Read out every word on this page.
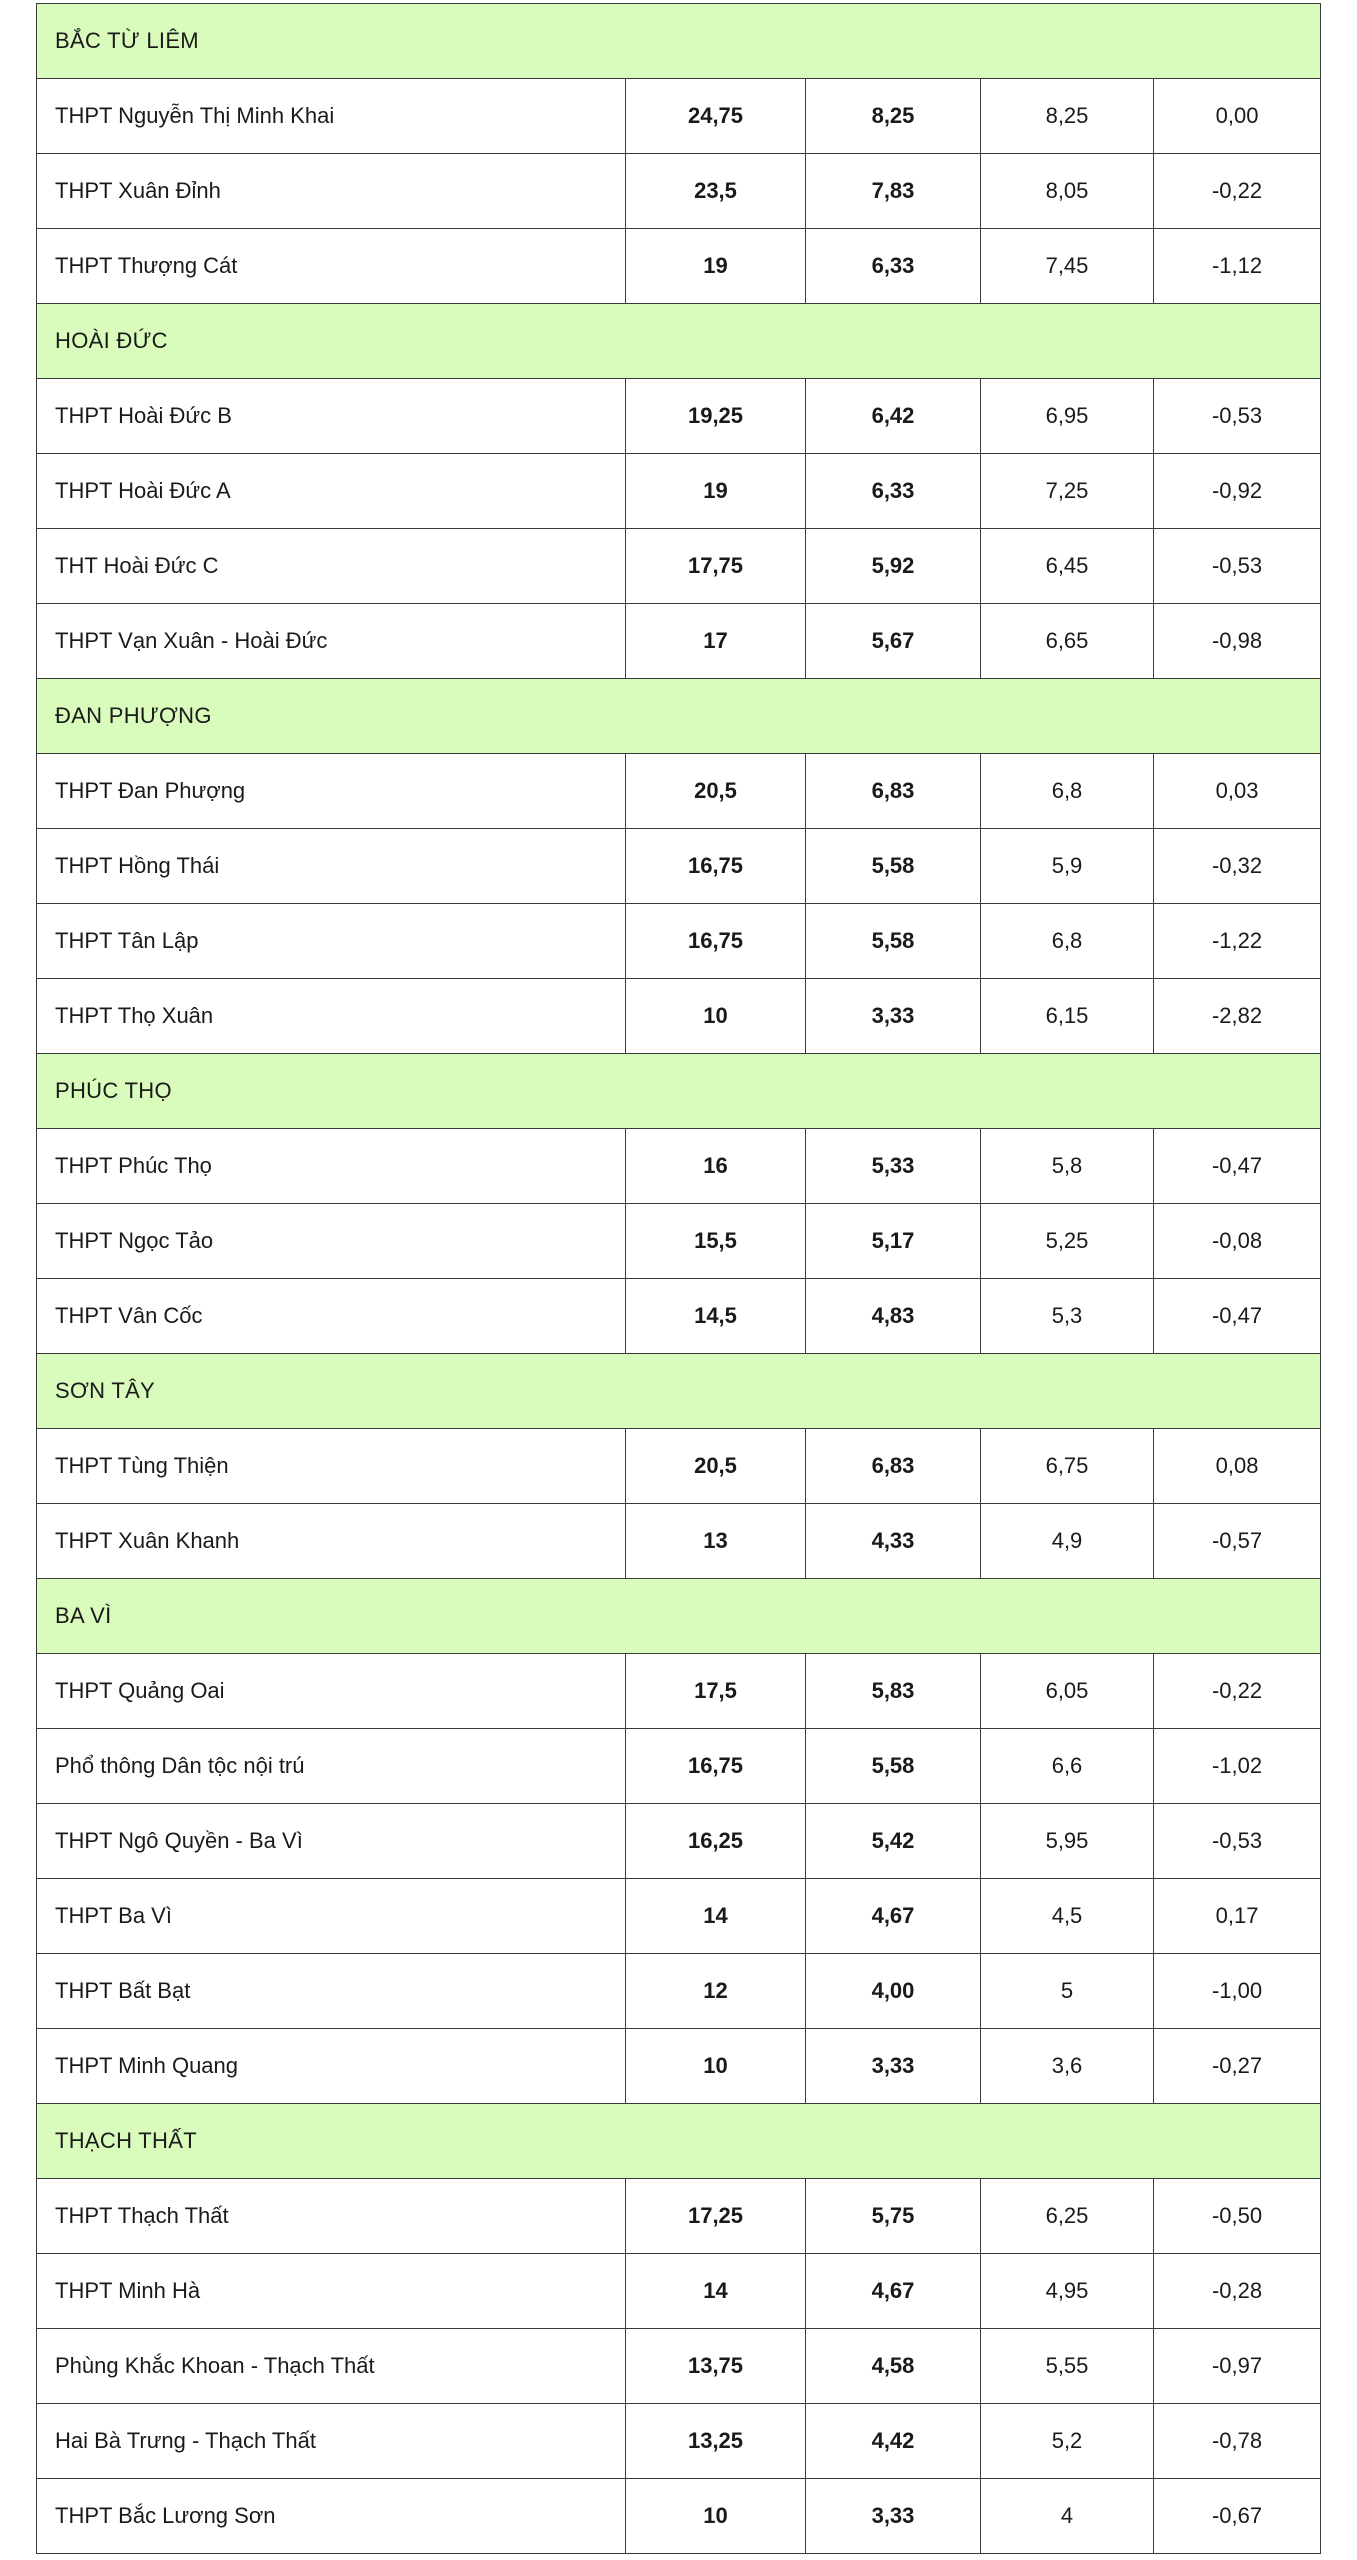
BẮC TỪ LIÊM				
THPT Nguyễn Thị Minh Khai	24,75	8,25	8,25	0,00
THPT Xuân Đỉnh	23,5	7,83	8,05	-0,22
THPT Thượng Cát	19	6,33	7,45	-1,12
HOÀI ĐỨC				
THPT Hoài Đức B	19,25	6,42	6,95	-0,53
THPT Hoài Đức A	19	6,33	7,25	-0,92
THT Hoài Đức C	17,75	5,92	6,45	-0,53
THPT Vạn Xuân - Hoài Đức	17	5,67	6,65	-0,98
ĐAN PHƯỢNG				
THPT Đan Phượng	20,5	6,83	6,8	0,03
THPT Hồng Thái	16,75	5,58	5,9	-0,32
THPT Tân Lập	16,75	5,58	6,8	-1,22
THPT Thọ Xuân	10	3,33	6,15	-2,82
PHÚC THỌ				
THPT Phúc Thọ	16	5,33	5,8	-0,47
THPT Ngọc Tảo	15,5	5,17	5,25	-0,08
THPT Vân Cốc	14,5	4,83	5,3	-0,47
SƠN TÂY				
THPT Tùng Thiện	20,5	6,83	6,75	0,08
THPT Xuân Khanh	13	4,33	4,9	-0,57
BA VÌ				
THPT Quảng Oai	17,5	5,83	6,05	-0,22
Phổ thông Dân tộc nội trú	16,75	5,58	6,6	-1,02
THPT Ngô Quyền - Ba Vì	16,25	5,42	5,95	-0,53
THPT Ba Vì	14	4,67	4,5	0,17
THPT Bất Bạt	12	4,00	5	-1,00
THPT Minh Quang	10	3,33	3,6	-0,27
THẠCH THẤT				
THPT Thạch Thất	17,25	5,75	6,25	-0,50
THPT Minh Hà	14	4,67	4,95	-0,28
Phùng Khắc Khoan - Thạch Thất	13,75	4,58	5,55	-0,97
Hai Bà Trưng - Thạch Thất	13,25	4,42	5,2	-0,78
THPT Bắc Lương Sơn	10	3,33	4	-0,67
